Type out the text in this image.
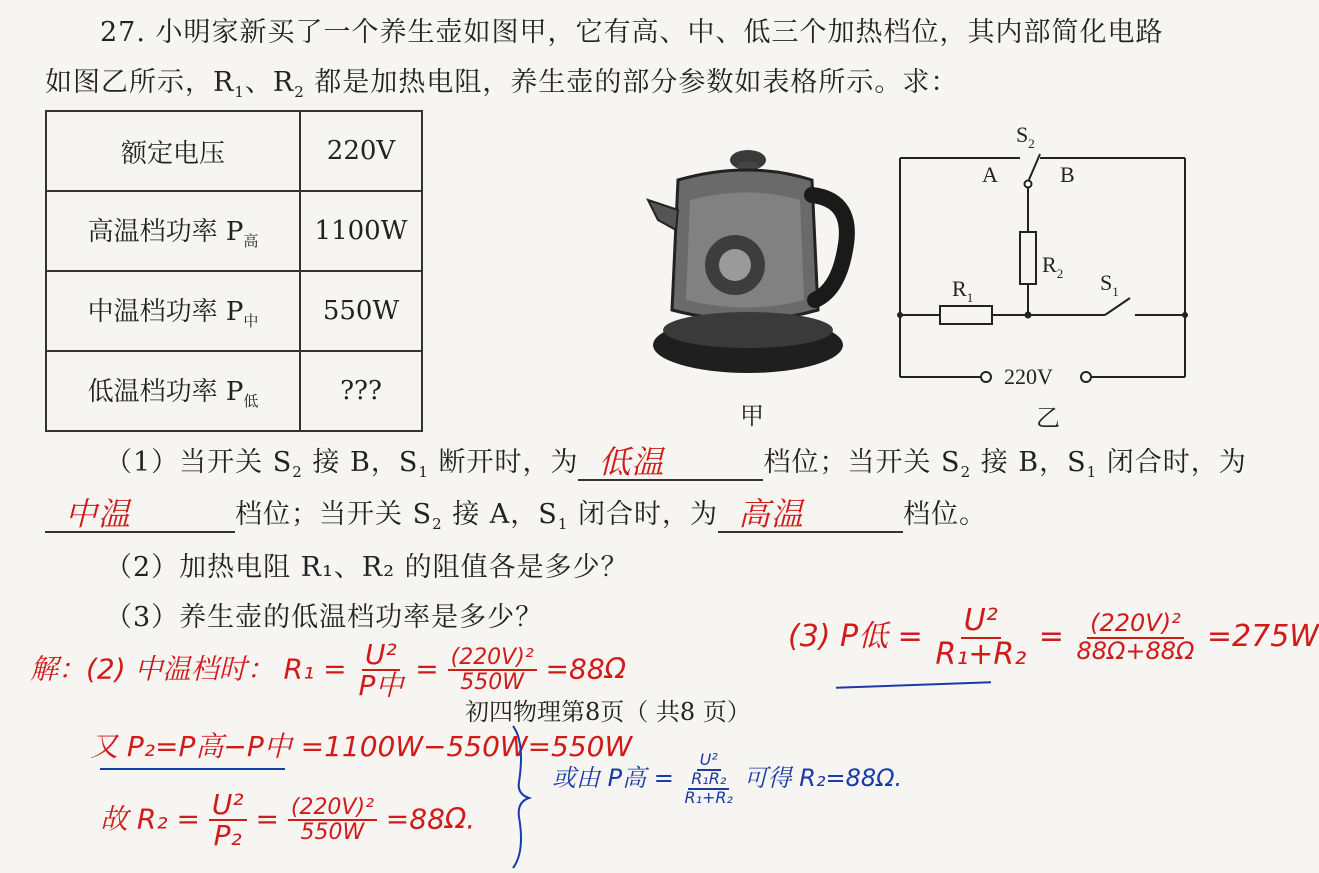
27. 小明家新买了一个养生壶如图甲，它有高、中、低三个加热档位，其内部简化电路
如图乙所示，$R_1$、$R_2$ 都是加热电阻，养生壶的部分参数如表格所示。求：
额定电压	220V
高温档功率 $P_高$	1100W
中温档功率 $P_中$	550W
低温档功率 $P_低$	???
甲
$S_2$
A	B
$R_2$
$R_1$
$S_1$
220V
乙
（1）当开关 $S_2$ 接 B，$S_1$ 断开时，为 低温	档位；当开关 $S_2$ 接 B，$S_1$ 闭合时，为
中温	档位；当开关 $S_2$ 接 A，$S_1$ 闭合时，为 高温	档位。
（2）加热电阻 R₁、R₂ 的阻值各是多少？
（3）养生壶的低温档功率是多少？
(3) P低 = $\frac{\text{U²}}{\text{R₁+R₂}} = \frac{\text{(220V)²}}{88\Omega+88\Omega} =275W$
解：(2) 中温档时： $R_1 = \frac{\text{U²}}{\text{P中}} = \frac{\text{(220V)²}}{550W} =88\Omega$
初四物理第8页（ 共8 页）
又 P₂=P高−P中 =1100W−550W=550W
故 $R_2 = \frac{\text{U²}}{\text{P₂}} = \frac{\text{(220V)²}}{550W} =88\Omega$.
或由 P高 =
U²
R₁R₂
R₁+R₂
可得 R₂=88Ω.
